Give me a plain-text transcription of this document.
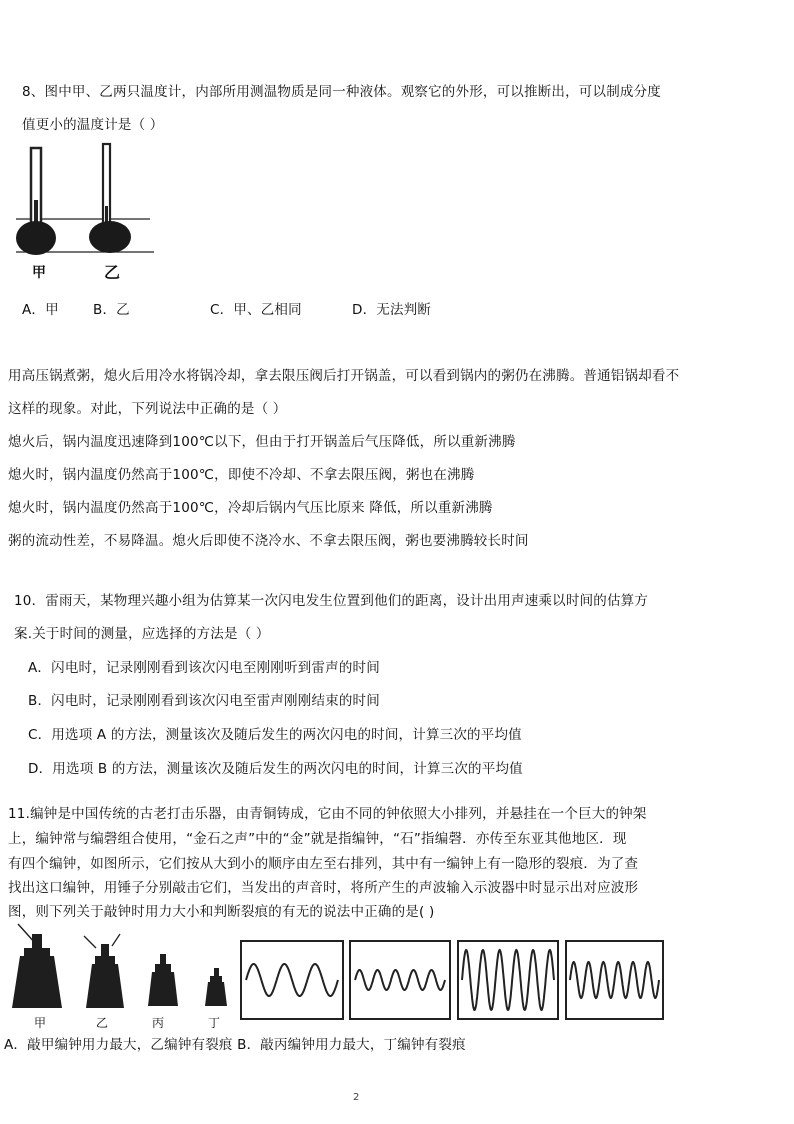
8、图中甲、乙两只温度计，内部所用测温物质是同一种液体。观察它的外形，可以推断出，可以制成分度
值更小的温度计是（ ）
甲	乙
A．甲	B．乙	C．甲、乙相同	D．无法判断
用高压锅煮粥，熄火后用冷水将锅冷却，拿去限压阀后打开锅盖，可以看到锅内的粥仍在沸腾。普通铝锅却看不
这样的现象。对此，下列说法中正确的是（ ）
熄火后，锅内温度迅速降到100℃以下，但由于打开锅盖后气压降低，所以重新沸腾
熄火时，锅内温度仍然高于100℃，即使不冷却、不拿去限压阀，粥也在沸腾
熄火时，锅内温度仍然高于100℃，冷却后锅内气压比原来 降低，所以重新沸腾
粥的流动性差，不易降温。熄火后即使不浇冷水、不拿去限压阀，粥也要沸腾较长时间
10．雷雨天，某物理兴趣小组为估算某一次闪电发生位置到他们的距离，设计出用声速乘以时间的估算方
案.关于时间的测量，应选择的方法是（ ）
A．闪电时，记录刚刚看到该次闪电至刚刚听到雷声的时间
B．闪电时，记录刚刚看到该次闪电至雷声刚刚结束的时间
C．用选项 A 的方法，测量该次及随后发生的两次闪电的时间，计算三次的平均值
D．用选项 B 的方法，测量该次及随后发生的两次闪电的时间，计算三次的平均值
11.编钟是中国传统的古老打击乐器，由青铜铸成，它由不同的钟依照大小排列，并悬挂在一个巨大的钟架
上，编钟常与编磬组合使用，“金石之声”中的“金”就是指编钟，“石”指编磬．亦传至东亚其他地区．现
有四个编钟，如图所示，它们按从大到小的顺序由左至右排列，其中有一编钟上有一隐形的裂痕．为了查
找出这口编钟，用锤子分别敲击它们，当发出的声音时，将所产生的声波输入示波器中时显示出对应波形
图，则下列关于敲钟时用力大小和判断裂痕的有无的说法中正确的是( )
甲	乙	丙	丁
A．敲甲编钟用力最大，乙编钟有裂痕 B．敲丙编钟用力最大，丁编钟有裂痕
2
